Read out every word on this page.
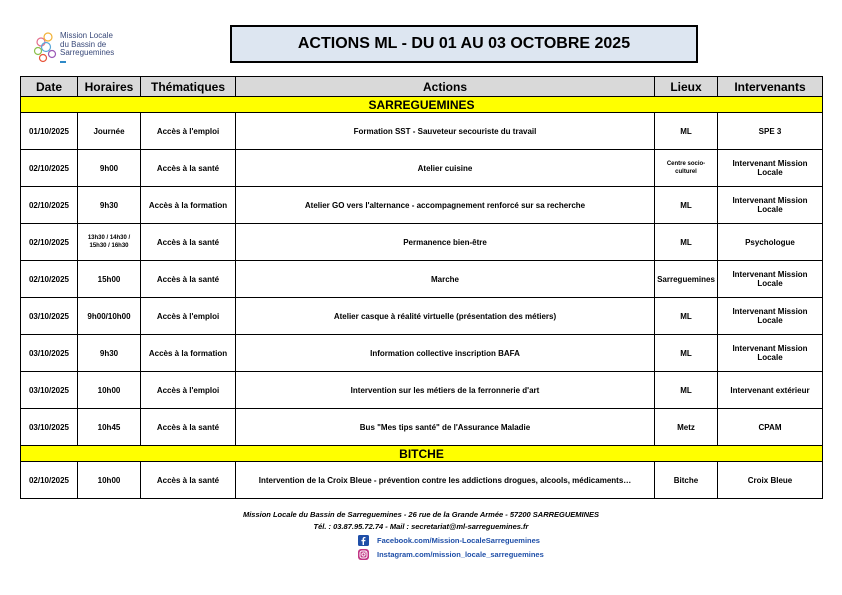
Mission Locale
du Bassin de
Sarreguemines
ACTIONS ML - DU 01 AU 03 OCTOBRE 2025
Date	Horaires	Thématiques	Actions	Lieux	Intervenants
SARREGUEMINES					
01/10/2025	Journée	Accès à l'emploi	Formation SST - Sauveteur secouriste du travail	ML	SPE 3
02/10/2025	9h00	Accès à la santé	Atelier cuisine	Centre socio-culturel	Intervenant Mission Locale
02/10/2025	9h30	Accès à la formation	Atelier GO vers l'alternance - accompagnement renforcé sur sa recherche	ML	Intervenant Mission Locale
02/10/2025	13h30 / 14h30 / 15h30 / 16h30	Accès à la santé	Permanence bien-être	ML	Psychologue
02/10/2025	15h00	Accès à la santé	Marche	Sarreguemines	Intervenant Mission Locale
03/10/2025	9h00/10h00	Accès à l'emploi	Atelier casque à réalité virtuelle (présentation des métiers)	ML	Intervenant Mission Locale
03/10/2025	9h30	Accès à la formation	Information collective inscription BAFA	ML	Intervenant Mission Locale
03/10/2025	10h00	Accès à l'emploi	Intervention sur les métiers de la ferronnerie d'art	ML	Intervenant extérieur
03/10/2025	10h45	Accès à la santé	Bus "Mes tips santé" de l'Assurance Maladie	Metz	CPAM
BITCHE					
02/10/2025	10h00	Accès à la santé	Intervention de la Croix Bleue - prévention contre les addictions drogues, alcools, médicaments…	Bitche	Croix Bleue
Mission Locale du Bassin de Sarreguemines - 26 rue de la Grande Armée - 57200 SARREGUEMINES
Tél. : 03.87.95.72.74 - Mail : secretariat@ml-sarreguemines.fr
Facebook.com/Mission-LocaleSarreguemines
Instagram.com/mission_locale_sarreguemines
